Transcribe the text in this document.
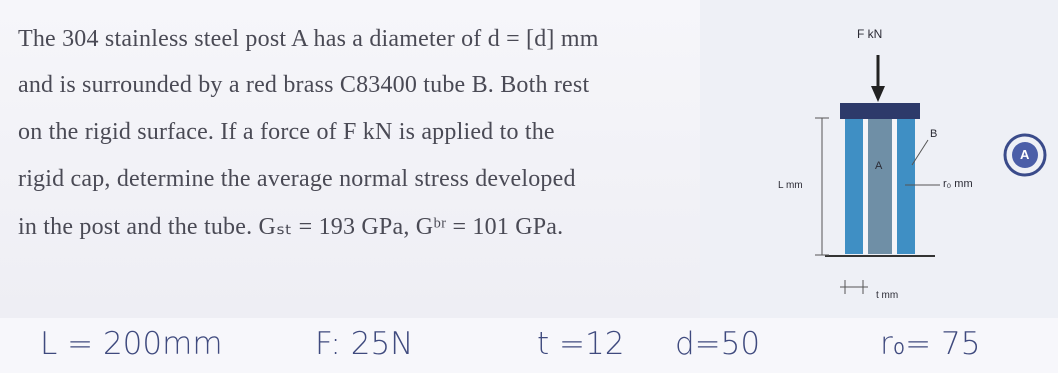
The 304 stainless steel post A has a diameter of d = [d] mm
and is surrounded by a red brass C83400 tube B. Both rest
on the rigid surface. If a force of F kN is applied to the
rigid cap, determine the average normal stress developed
in the post and the tube. Gₛₜ = 193 GPa, Gᵇʳ = 101 GPa.
F kN
B
A
L mm	r₀ mm
t mm
A
L = 200mm	F: 25N	t =12 d=50	r₀= 75
